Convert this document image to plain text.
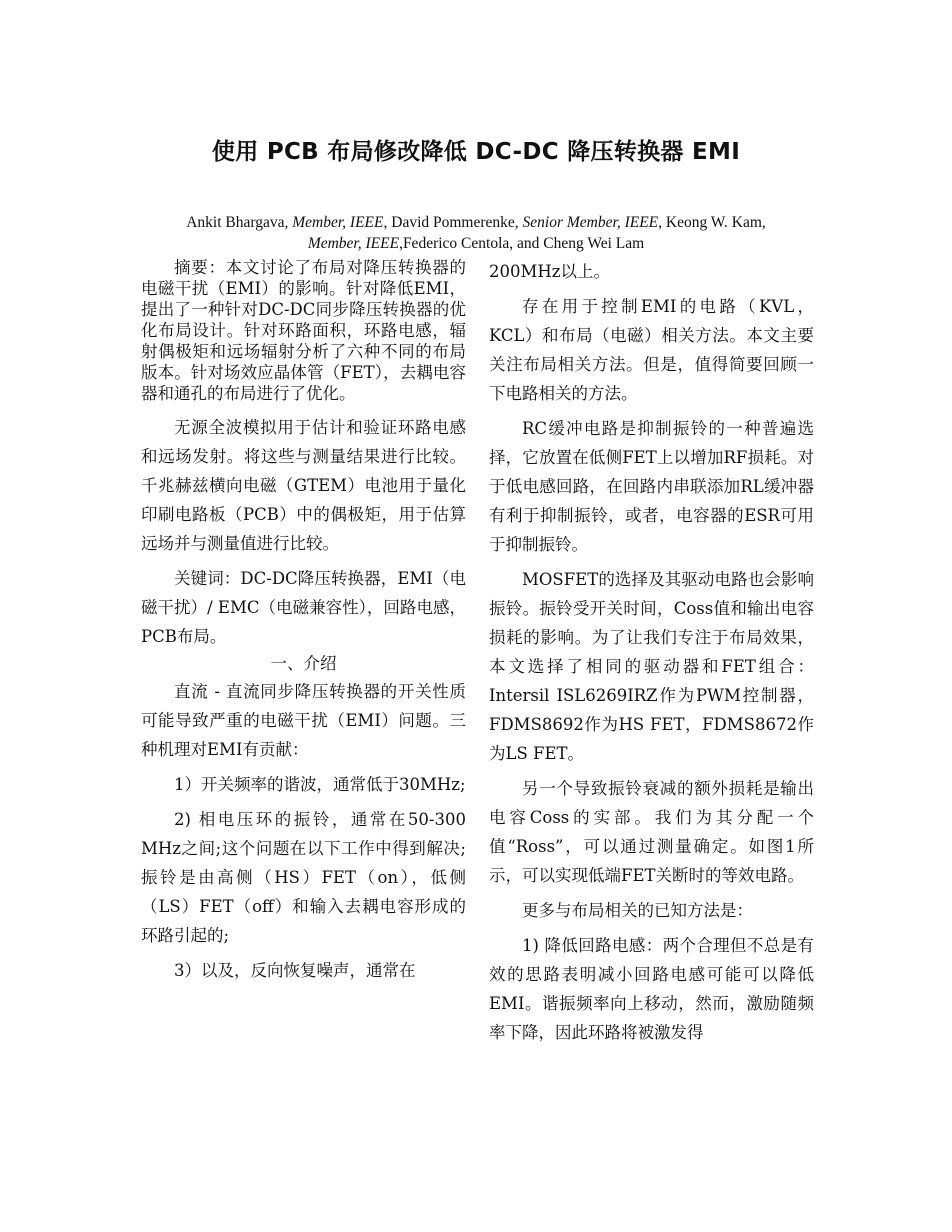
使用 PCB 布局修改降低 DC-DC 降压转换器 EMI
Ankit Bhargava, Member, IEEE, David Pommerenke, Senior Member, IEEE, Keong W. Kam,
Member, IEEE,Federico Centola, and Cheng Wei Lam

摘要：本文讨论了布局对降压转换器的电磁干扰（EMI）的影响。针对降低EMI，提出了一种针对DC-DC同步降压转换器的优化布局设计。针对环路面积，环路电感，辐射偶极矩和远场辐射分析了六种不同的布局版本。针对场效应晶体管（FET），去耦电容器和通孔的布局进行了优化。

无源全波模拟用于估计和验证环路电感和远场发射。将这些与测量结果进行比较。千兆赫兹横向电磁（GTEM）电池用于量化印刷电路板（PCB）中的偶极矩，用于估算远场并与测量值进行比较。

关键词：DC-DC降压转换器，EMI（电磁干扰）/ EMC（电磁兼容性），回路电感，PCB布局。

一、介绍

直流 - 直流同步降压转换器的开关性质可能导致严重的电磁干扰（EMI）问题。三种机理对EMI有贡献：

1）开关频率的谐波，通常低于30MHz;

2) 相电压环的振铃，通常在50-300 MHz之间;这个问题在以下工作中得到解决;振铃是由高侧（HS）FET（on），低侧（LS）FET（off）和输入去耦电容形成的环路引起的;

3）以及，反向恢复噪声，通常在

200MHz以上。

存在用于控制EMI的电路（KVL，KCL）和布局（电磁）相关方法。本文主要关注布局相关方法。但是，值得简要回顾一下电路相关的方法。

RC缓冲电路是抑制振铃的一种普遍选择，它放置在低侧FET上以增加RF损耗。对于低电感回路，在回路内串联添加RL缓冲器有利于抑制振铃，或者，电容器的ESR可用于抑制振铃。

MOSFET的选择及其驱动电路也会影响振铃。振铃受开关时间，Coss值和输出电容损耗的影响。为了让我们专注于布局效果，本文选择了相同的驱动器和FET组合：Intersil ISL6269IRZ作为PWM控制器，FDMS8692作为HS FET，FDMS8672作为LS FET。

另一个导致振铃衰减的额外损耗是输出电容Coss的实部。我们为其分配一个值“Ross”，可以通过测量确定。如图1所示，可以实现低端FET关断时的等效电路。

更多与布局相关的已知方法是：

1) 降低回路电感：两个合理但不总是有效的思路表明减小回路电感可能可以降低EMI。谐振频率向上移动，然而，激励随频率下降，因此环路将被激发得
